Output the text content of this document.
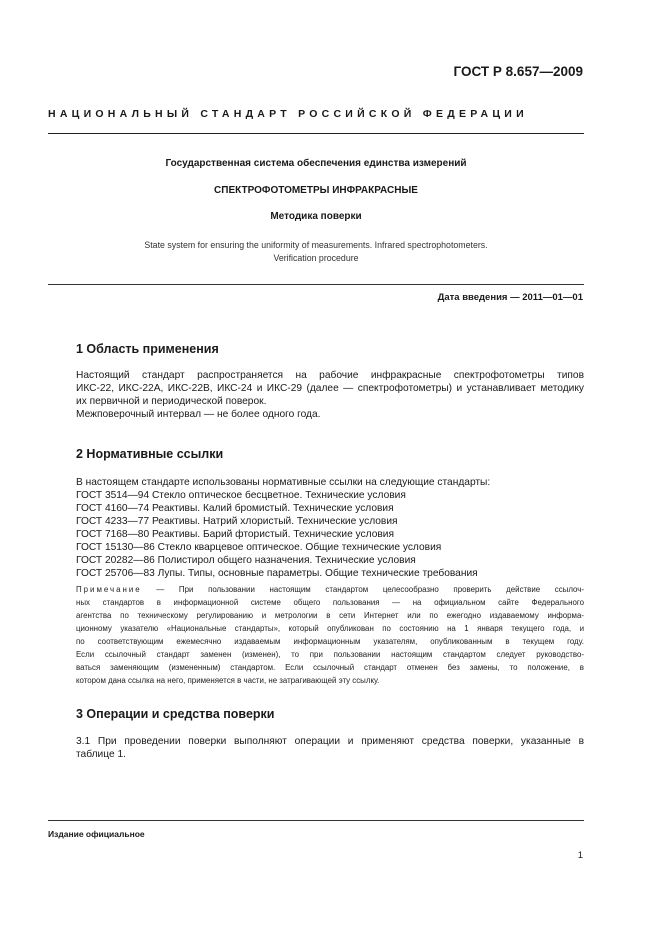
ГОСТ Р 8.657—2009
НАЦИОНАЛЬНЫЙ СТАНДАРТ РОССИЙСКОЙ ФЕДЕРАЦИИ
Государственная система обеспечения единства измерений
СПЕКТРОФОТОМЕТРЫ ИНФРАКРАСНЫЕ
Методика поверки
State system for ensuring the uniformity of measurements. Infrared spectrophotometers.
Verification procedure
Дата введения — 2011—01—01
1 Область применения
Настоящий стандарт распространяется на рабочие инфракрасные спектрофотометры типов
ИКС-22, ИКС-22А, ИКС-22В, ИКС-24 и ИКС-29 (далее — спектрофотометры) и устанавливает методику
их первичной и периодической поверок.
Межповерочный интервал — не более одного года.
2 Нормативные ссылки
В настоящем стандарте использованы нормативные ссылки на следующие стандарты:
ГОСТ 3514—94 Стекло оптическое бесцветное. Технические условия
ГОСТ 4160—74 Реактивы. Калий бромистый. Технические условия
ГОСТ 4233—77 Реактивы. Натрий хлористый. Технические условия
ГОСТ 7168—80 Реактивы. Барий фтористый. Технические условия
ГОСТ 15130—86 Стекло кварцевое оптическое. Общие технические условия
ГОСТ 20282—86 Полистирол общего назначения. Технические условия
ГОСТ 25706—83 Лупы. Типы, основные параметры. Общие технические требования
Примечание — При пользовании настоящим стандартом целесообразно проверить действие ссылоч-
ных стандартов в информационной системе общего пользования — на официальном сайте Федерального
агентства по техническому регулированию и метрологии в сети Интернет или по ежегодно издаваемому информа-
ционному указателю «Национальные стандарты», который опубликован по состоянию на 1 января текущего года, и
по соответствующим ежемесячно издаваемым информационным указателям, опубликованным в текущем году.
Если ссылочный стандарт заменен (изменен), то при пользовании настоящим стандартом следует руководство-
ваться заменяющим (измененным) стандартом. Если ссылочный стандарт отменен без замены, то положение, в
котором дана ссылка на него, применяется в части, не затрагивающей эту ссылку.
3 Операции и средства поверки
3.1 При проведении поверки выполняют операции и применяют средства поверки, указанные в
таблице 1.
Издание официальное
1
